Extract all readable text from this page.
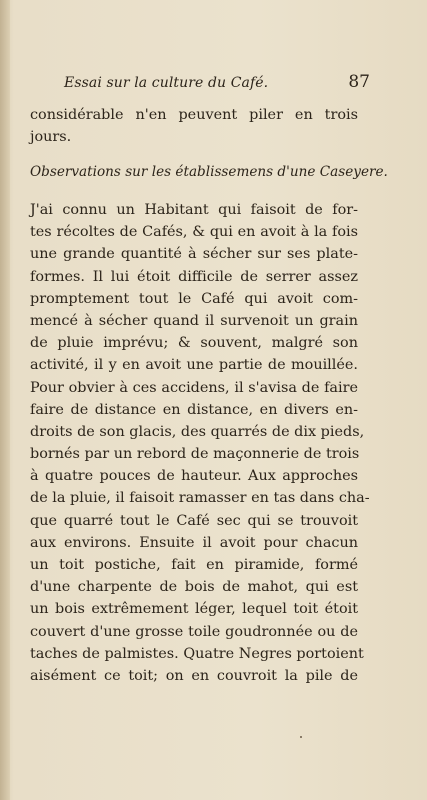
Essai sur la culture du Café.	87
considérable n'en peuvent piler en trois
jours.
Observations sur les établissemens d'une Caseyere.
J'ai connu un Habitant qui faisoit de for-
tes récoltes de Cafés, & qui en avoit à la fois
une grande quantité à sécher sur ses plate-
formes. Il lui étoit difficile de serrer assez
promptement tout le Café qui avoit com-
mencé à sécher quand il survenoit un grain
de pluie imprévu; & souvent, malgré son
activité, il y en avoit une partie de mouillée.
Pour obvier à ces accidens, il s'avisa de faire
faire de distance en distance, en divers en-
droits de son glacis, des quarrés de dix pieds,
bornés par un rebord de maçonnerie de trois
à quatre pouces de hauteur. Aux approches
de la pluie, il faisoit ramasser en tas dans cha-
que quarré tout le Café sec qui se trouvoit
aux environs. Ensuite il avoit pour chacun
un toit postiche, fait en piramide, formé
d'une charpente de bois de mahot, qui est
un bois extrêmement léger, lequel toit étoit
couvert d'une grosse toile goudronnée ou de
taches de palmistes. Quatre Negres portoient
aisément ce toit; on en couvroit la pile de
